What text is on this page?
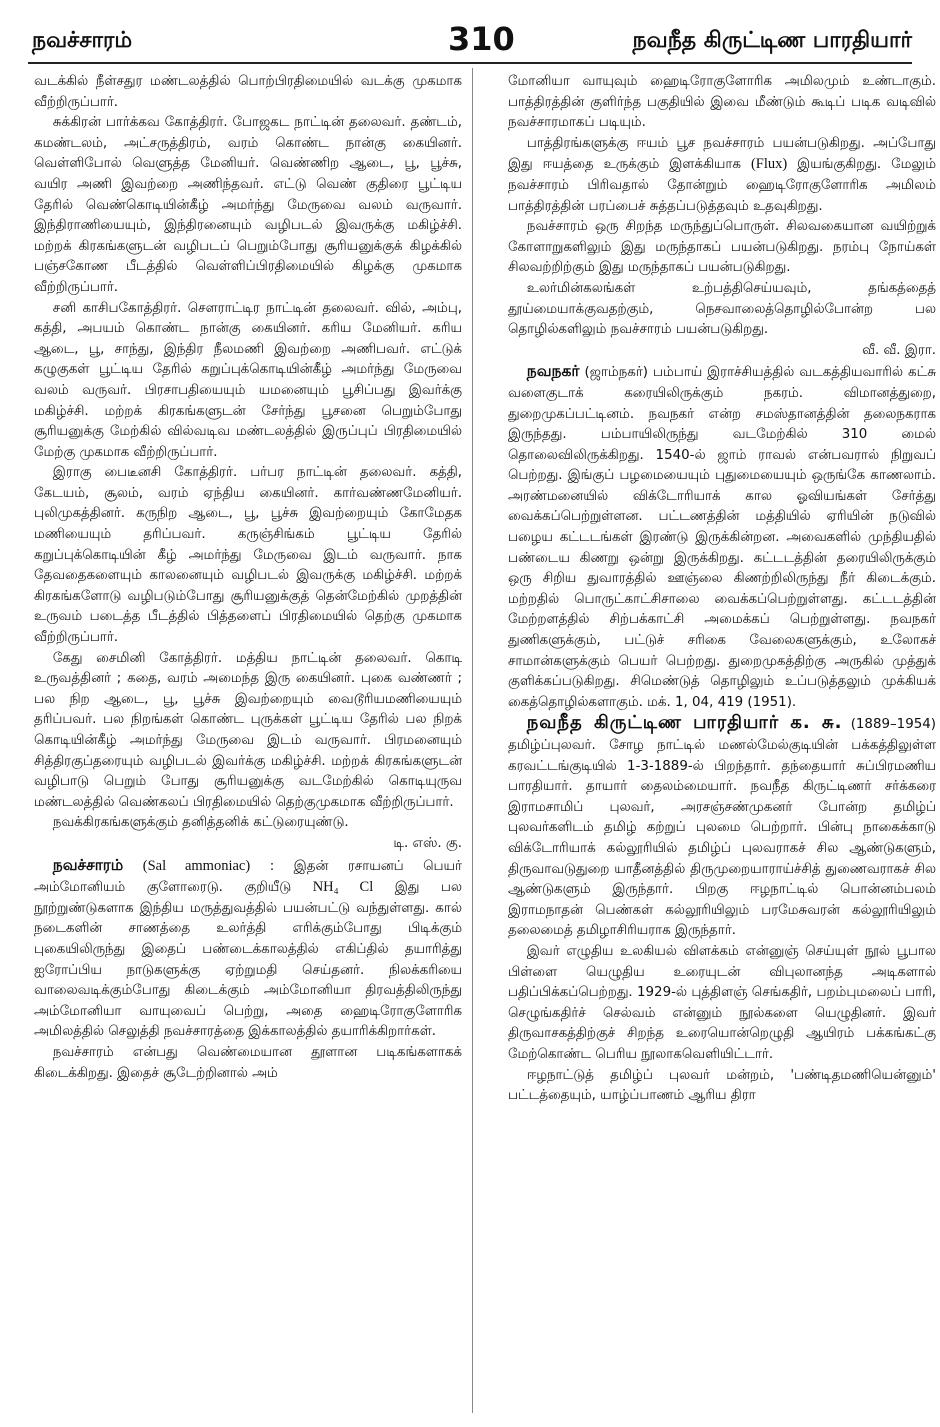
நவச்சாரம்	310	நவநீத கிருட்டிண பாரதியார்

வடக்கில் நீள்சதுர மண்டலத்தில் பொற்பிரதிமையில் வடக்கு முகமாக வீற்றிருப்பார்.

சுக்கிரன் பார்க்கவ கோத்திரர். போஜகட நாட்டின் தலைவர். தண்டம், கமண்டலம், அட்சருத்திரம், வரம் கொண்ட நான்கு கையினர். வெள்ளிபோல் வெளுத்த மேனியர். வெண்ணிற ஆடை, பூ, பூச்சு, வயிர அணி இவற்றை அணிந்தவர். எட்டு வெண் குதிரை பூட்டிய தேரில் வெண்கொடியின்கீழ் அமர்ந்து மேருவை வலம் வருவார். இந்திராணியையும், இந்திரனையும் வழிபடல் இவருக்கு மகிழ்ச்சி. மற்றக் கிரகங்களுடன் வழிபடப் பெறும்போது சூரியனுக்குக் கிழக்கில் பஞ்சகோண பீடத்தில் வெள்ளிப்பிரதிமையில் கிழக்கு முகமாக வீற்றிருப்பார்.

சனி காசிபகோத்திரர். சௌராட்டிர நாட்டின் தலைவர். வில், அம்பு, கத்தி, அபயம் கொண்ட நான்கு கையினர். கரிய மேனியர். கரிய ஆடை, பூ, சாந்து, இந்திர நீலமணி இவற்றை அணிபவர். எட்டுக் கழுகுகள் பூட்டிய தேரில் கறுப்புக்கொடியின்கீழ் அமர்ந்து மேருவை வலம் வருவர். பிரசாபதியையும் யமனையும் பூசிப்பது இவர்க்கு மகிழ்ச்சி. மற்றக் கிரகங்களுடன் சேர்ந்து பூசனை பெறும்போது சூரியனுக்கு மேற்கில் வில்வடிவ மண்டலத்தில் இருப்புப் பிரதிமையில் மேற்கு முகமாக வீற்றிருப்பார்.

இராகு பைடீனசி கோத்திரர். பர்பர நாட்டின் தலைவர். கத்தி, கேடயம், சூலம், வரம் ஏந்திய கையினர். கார்வண்ணமேனியர். புலிமுகத்தினர். கருநிற ஆடை, பூ, பூச்சு இவற்றையும் கோமேதக மணியையும் தரிப்பவர். கருஞ்சிங்கம் பூட்டிய தேரில் கறுப்புக்கொடியின் கீழ் அமர்ந்து மேருவை இடம் வருவார். நாக தேவதைகளையும் காலனையும் வழிபடல் இவருக்கு மகிழ்ச்சி. மற்றக் கிரகங்களோடு வழிபடும்போது சூரியனுக்குத் தென்மேற்கில் முறத்தின் உருவம் படைத்த பீடத்தில் பித்தளைப் பிரதிமையில் தெற்கு முகமாக வீற்றிருப்பார்.

கேது சைமினி கோத்திரர். மத்திய நாட்டின் தலைவர். கொடி உருவத்தினர் ; கதை, வரம் அமைந்த இரு கையினர். புகை வண்ணர் ; பல நிற ஆடை, பூ, பூச்சு இவற்றையும் வைடூரியமணியையும் தரிப்பவர். பல நிறங்கள் கொண்ட புருக்கள் பூட்டிய தேரில் பல நிறக் கொடியின்கீழ் அமர்ந்து மேருவை இடம் வருவார். பிரமனையும் சித்திரகுப்தரையும் வழிபடல் இவர்க்கு மகிழ்ச்சி. மற்றக் கிரகங்களுடன் வழிபாடு பெறும் போது சூரியனுக்கு வடமேற்கில் கொடியுருவ மண்டலத்தில் வெண்கலப் பிரதிமையில் தெற்குமுகமாக வீற்றிருப்பார்.

நவக்கிரகங்களுக்கும் தனித்தனிக் கட்டுரையுண்டு.

டி. எஸ். கு.

நவச்சாரம் (Sal ammoniac) : இதன் ரசாயனப் பெயர் அம்மோனியம் குளோரைடு. குறியீடு NH₄ Cl இது பல நூற்றுண்டுகளாக இந்திய மருத்துவத்தில் பயன்பட்டு வந்துள்ளது. கால் நடைகளின் சாணத்தை உலர்த்தி எரிக்கும்போது பிடிக்கும் புகையிலிருந்து இதைப் பண்டைக்காலத்தில் எகிப்தில் தயாரித்து ஐரோப்பிய நாடுகளுக்கு ஏற்றுமதி செய்தனர். நிலக்கரியை வாலைவடிக்கும்போது கிடைக்கும் அம்மோனியா திரவத்திலிருந்து அம்மோனியா வாயுவைப் பெற்று, அதை ஹைடிரோகுளோரிக அமிலத்தில் செலுத்தி நவச்சாரத்தை இக்காலத்தில் தயாரிக்கிறார்கள்.

நவச்சாரம் என்பது வெண்மையான தூளான படிகங்களாகக் கிடைக்கிறது. இதைச் சூடேற்றினால் அம்

மோனியா வாயுவும் ஹைடிரோகுளோரிக அமிலமும் உண்டாகும். பாத்திரத்தின் குளிர்ந்த பகுதியில் இவை மீண்டும் கூடிப் படிக வடிவில் நவச்சாரமாகப் படியும்.

பாத்திரங்களுக்கு ஈயம் பூச நவச்சாரம் பயன்படுகிறது. அப்போது இது ஈயத்தை உருக்கும் இளக்கியாக (Flux) இயங்குகிறது. மேலும் நவச்சாரம் பிரிவதால் தோன்றும் ஹைடிரோகுளோரிக அமிலம் பாத்திரத்தின் பரப்பைச் சுத்தப்படுத்தவும் உதவுகிறது.

நவச்சாரம் ஒரு சிறந்த மருந்துப்பொருள். சிலவகையான வயிற்றுக் கோளாறுகளிலும் இது மருந்தாகப் பயன்படுகிறது. நரம்பு நோய்கள் சிலவற்றிற்கும் இது மருந்தாகப் பயன்படுகிறது.

உலர்மின்கலங்கள் உற்பத்திசெய்யவும், தங்கத்தைத் தூய்மையாக்குவதற்கும், நெசவாலைத்தொழில்போன்ற பல தொழில்களிலும் நவச்சாரம் பயன்படுகிறது.

வீ. வீ. இரா.

நவநகர் (ஜாம்நகர்) பம்பாய் இராச்சியத்தில் வடகத்தியவாரில் கட்சு வளைகுடாக் கரையிலிருக்கும் நகரம். விமானத்துறை, துறைமுகப்பட்டினம். நவநகர் என்ற சமஸ்தானத்தின் தலைநகராக இருந்தது. பம்பாயிலிருந்து வடமேற்கில் 310 மைல் தொலைவிலிருக்கிறது. 1540-ல் ஜாம் ராவல் என்பவரால் நிறுவப் பெற்றது. இங்குப் பழமையையும் புதுமையையும் ஒருங்கே காணலாம். அரண்மனையில் விக்டோரியாக் கால ஓவியங்கள் சேர்த்து வைக்கப்பெற்றுள்ளன. பட்டணத்தின் மத்தியில் ஏரியின் நடுவில் பழைய கட்டடங்கள் இரண்டு இருக்கின்றன. அவைகளில் முந்தியதில் பண்டைய கிணறு ஒன்று இருக்கிறது. கட்டடத்தின் தரையிலிருக்கும் ஒரு சிறிய துவாரத்தில் ஊஞ்லை கிணற்றிலிருந்து நீர் கிடைக்கும். மற்றதில் பொருட்காட்சிசாலை வைக்கப்பெற்றுள்ளது. கட்டடத்தின் மேற்றளத்தில் சிற்பக்காட்சி அமைக்கப் பெற்றுள்ளது. நவநகர் துணிகளுக்கும், பட்டுச் சரிகை வேலைகளுக்கும், உலோகச் சாமான்களுக்கும் பெயர் பெற்றது. துறைமுகத்திற்கு அருகில் முத்துக் குளிக்கப்படுகிறது. சிமெண்டுத் தொழிலும் உப்படுத்தலும் முக்கியக் கைத்தொழில்களாகும். மக். 1, 04, 419 (1951).

நவநீத கிருட்டிண பாரதியார் க. சு. (1889–1954) தமிழ்ப்புலவர். சோழ நாட்டில் மணல்மேல்குடியின் பக்கத்திலுள்ள கரவட்டங்குடியில் 1-3-1889-ல் பிறந்தார். தந்தையார் சுப்பிரமணிய பாரதியார். தாயார் தைலம்மையார். நவநீத கிருட்டிணர் சர்க்கரை இராமசாமிப் புலவர், அரசஞ்சண்முகனர் போன்ற தமிழ்ப் புலவர்களிடம் தமிழ் கற்றுப் புலமை பெற்றார். பின்பு நாகைக்காடு விக்டோரியாக் கல்லூரியில் தமிழ்ப் புலவராகச் சில ஆண்டுகளும், திருவாவடுதுறை யாதீனத்தில் திருமுறையாராய்ச்சித் துணைவராகச் சில ஆண்டுகளும் இருந்தார். பிறகு ஈழநாட்டில் பொன்னம்பலம் இராமநாதன் பெண்கள் கல்லூரியிலும் பரமேசுவரன் கல்லூரியிலும் தலைமைத் தமிழாசிரியராக இருந்தார்.

இவர் எழுதிய உலகியல் விளக்கம் என்னுஞ் செய்யுள் நூல் பூபால பிள்ளை யெழுதிய உரையுடன் விபுலானந்த அடிகளால் பதிப்பிக்கப்பெற்றது. 1929-ல் புத்திளஞ் செங்கதிர், பறம்புமலைப் பாரி, செழுங்கதிர்ச் செல்வம் என்னும் நூல்களை யெழுதினர். இவர் திருவாசகத்திற்குச் சிறந்த உரையொன்றெழுதி ஆயிரம் பக்கங்கட்கு மேற்கொண்ட பெரிய நூலாகவெளியிட்டார்.

ஈழநாட்டுத் தமிழ்ப் புலவர் மன்றம், 'பண்டிதமணியென்னும்' பட்டத்தையும், யாழ்ப்பாணம் ஆரிய திரா
